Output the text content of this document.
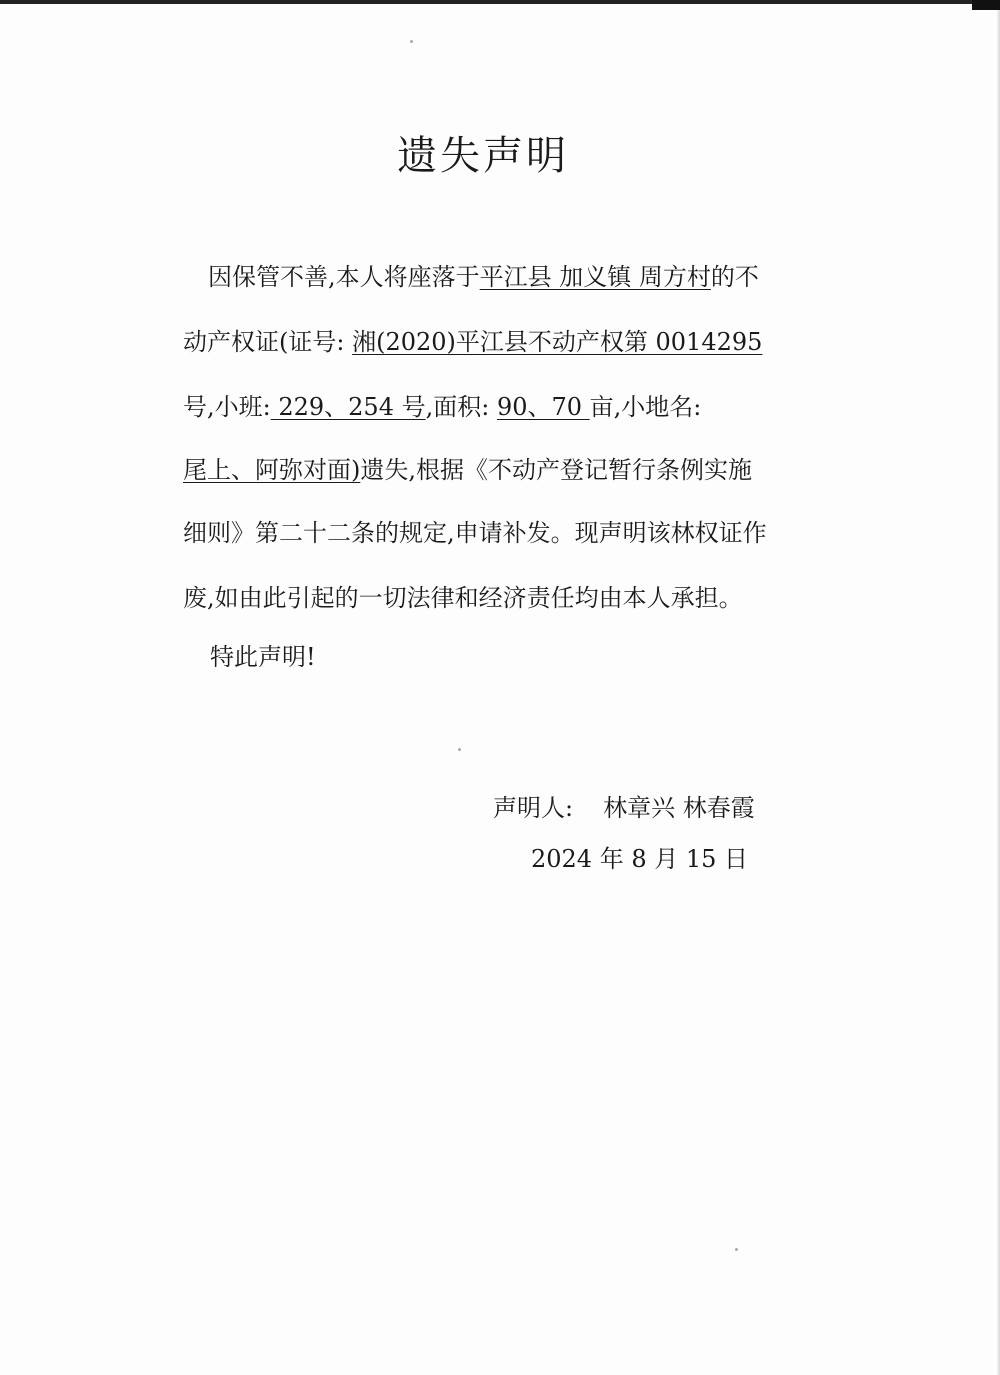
遗失声明
因保管不善,本人将座落于平江县 加义镇 周方村的不
动产权证(证号: 湘(2020)平江县不动产权第 0014295
号,小班: 229、254 号,面积: 90、70 亩,小地名:
尾上、阿弥对面)遗失,根据《不动产登记暂行条例实施
细则》第二十二条的规定,申请补发。现声明该林权证作
废,如由此引起的一切法律和经济责任均由本人承担。
特此声明!
声明人: 林章兴 林春霞
2024 年 8 月 15 日
